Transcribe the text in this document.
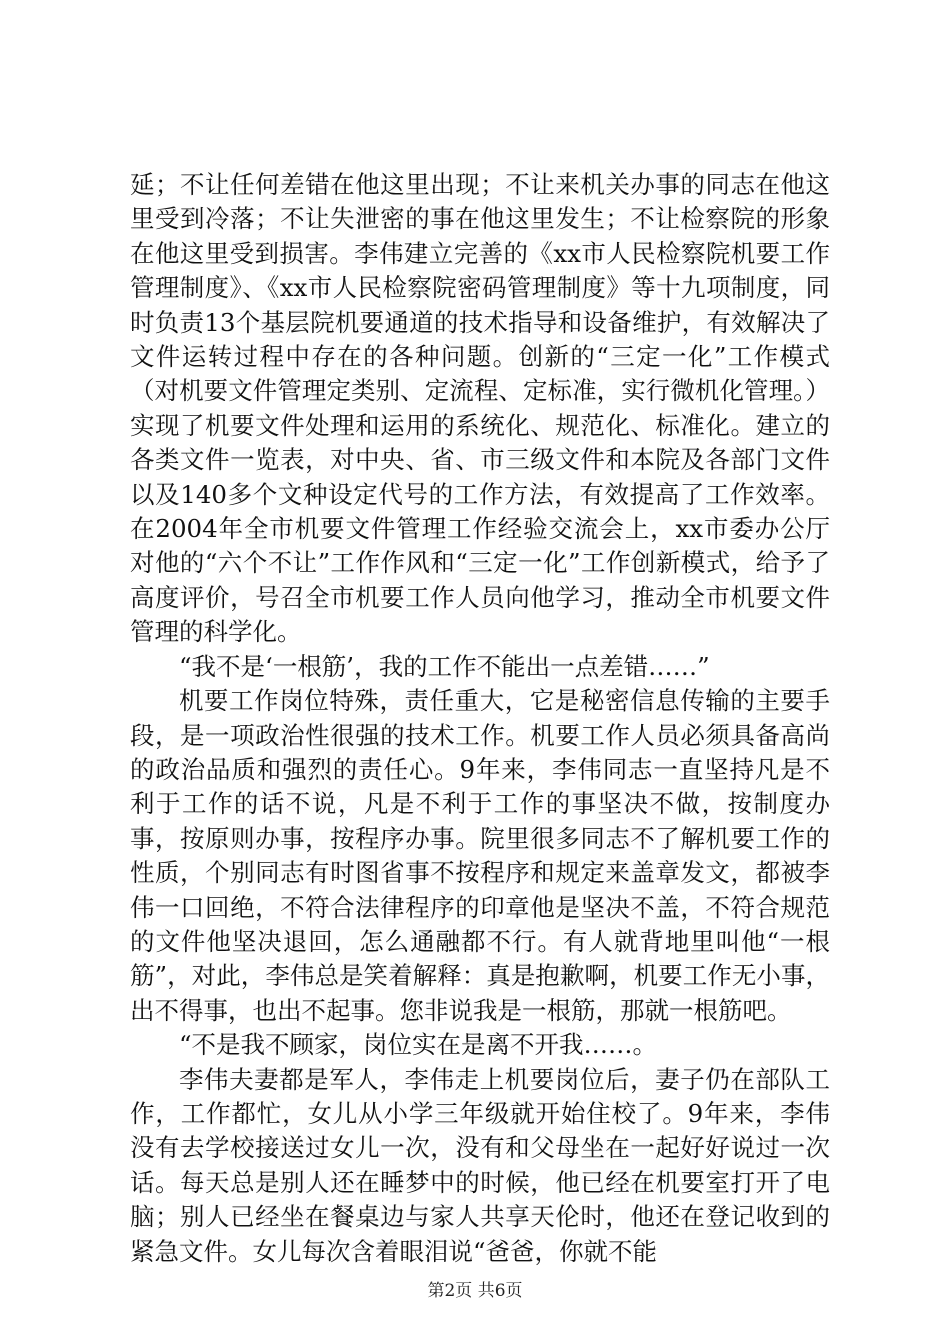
延；不让任何差错在他这里出现；不让来机关办事的同志在他这里受到冷落；不让失泄密的事在他这里发生；不让检察院的形象在他这里受到损害。李伟建立完善的《xx市人民检察院机要工作管理制度》、《xx市人民检察院密码管理制度》等十九项制度，同时负责13个基层院机要通道的技术指导和设备维护，有效解决了文件运转过程中存在的各种问题。创新的“三定一化”工作模式（对机要文件管理定类别、定流程、定标准，实行微机化管理。）实现了机要文件处理和运用的系统化、规范化、标准化。建立的各类文件一览表，对中央、省、市三级文件和本院及各部门文件以及140多个文种设定代号的工作方法，有效提高了工作效率。在2004年全市机要文件管理工作经验交流会上，xx市委办公厅对他的“六个不让”工作作风和“三定一化”工作创新模式，给予了高度评价，号召全市机要工作人员向他学习，推动全市机要文件管理的科学化。

“我不是‘一根筋’，我的工作不能出一点差错……”

机要工作岗位特殊，责任重大，它是秘密信息传输的主要手段，是一项政治性很强的技术工作。机要工作人员必须具备高尚的政治品质和强烈的责任心。9年来，李伟同志一直坚持凡是不利于工作的话不说，凡是不利于工作的事坚决不做，按制度办事，按原则办事，按程序办事。院里很多同志不了解机要工作的性质，个别同志有时图省事不按程序和规定来盖章发文，都被李伟一口回绝，不符合法律程序的印章他是坚决不盖，不符合规范的文件他坚决退回，怎么通融都不行。有人就背地里叫他“一根筋”，对此，李伟总是笑着解释：真是抱歉啊，机要工作无小事，出不得事，也出不起事。您非说我是一根筋，那就一根筋吧。

“不是我不顾家，岗位实在是离不开我……。

李伟夫妻都是军人，李伟走上机要岗位后，妻子仍在部队工作，工作都忙，女儿从小学三年级就开始住校了。9年来，李伟没有去学校接送过女儿一次，没有和父母坐在一起好好说过一次话。每天总是别人还在睡梦中的时候，他已经在机要室打开了电脑；别人已经坐在餐桌边与家人共享天伦时，他还在登记收到的紧急文件。女儿每次含着眼泪说“爸爸，你就不能

第2页 共6页
